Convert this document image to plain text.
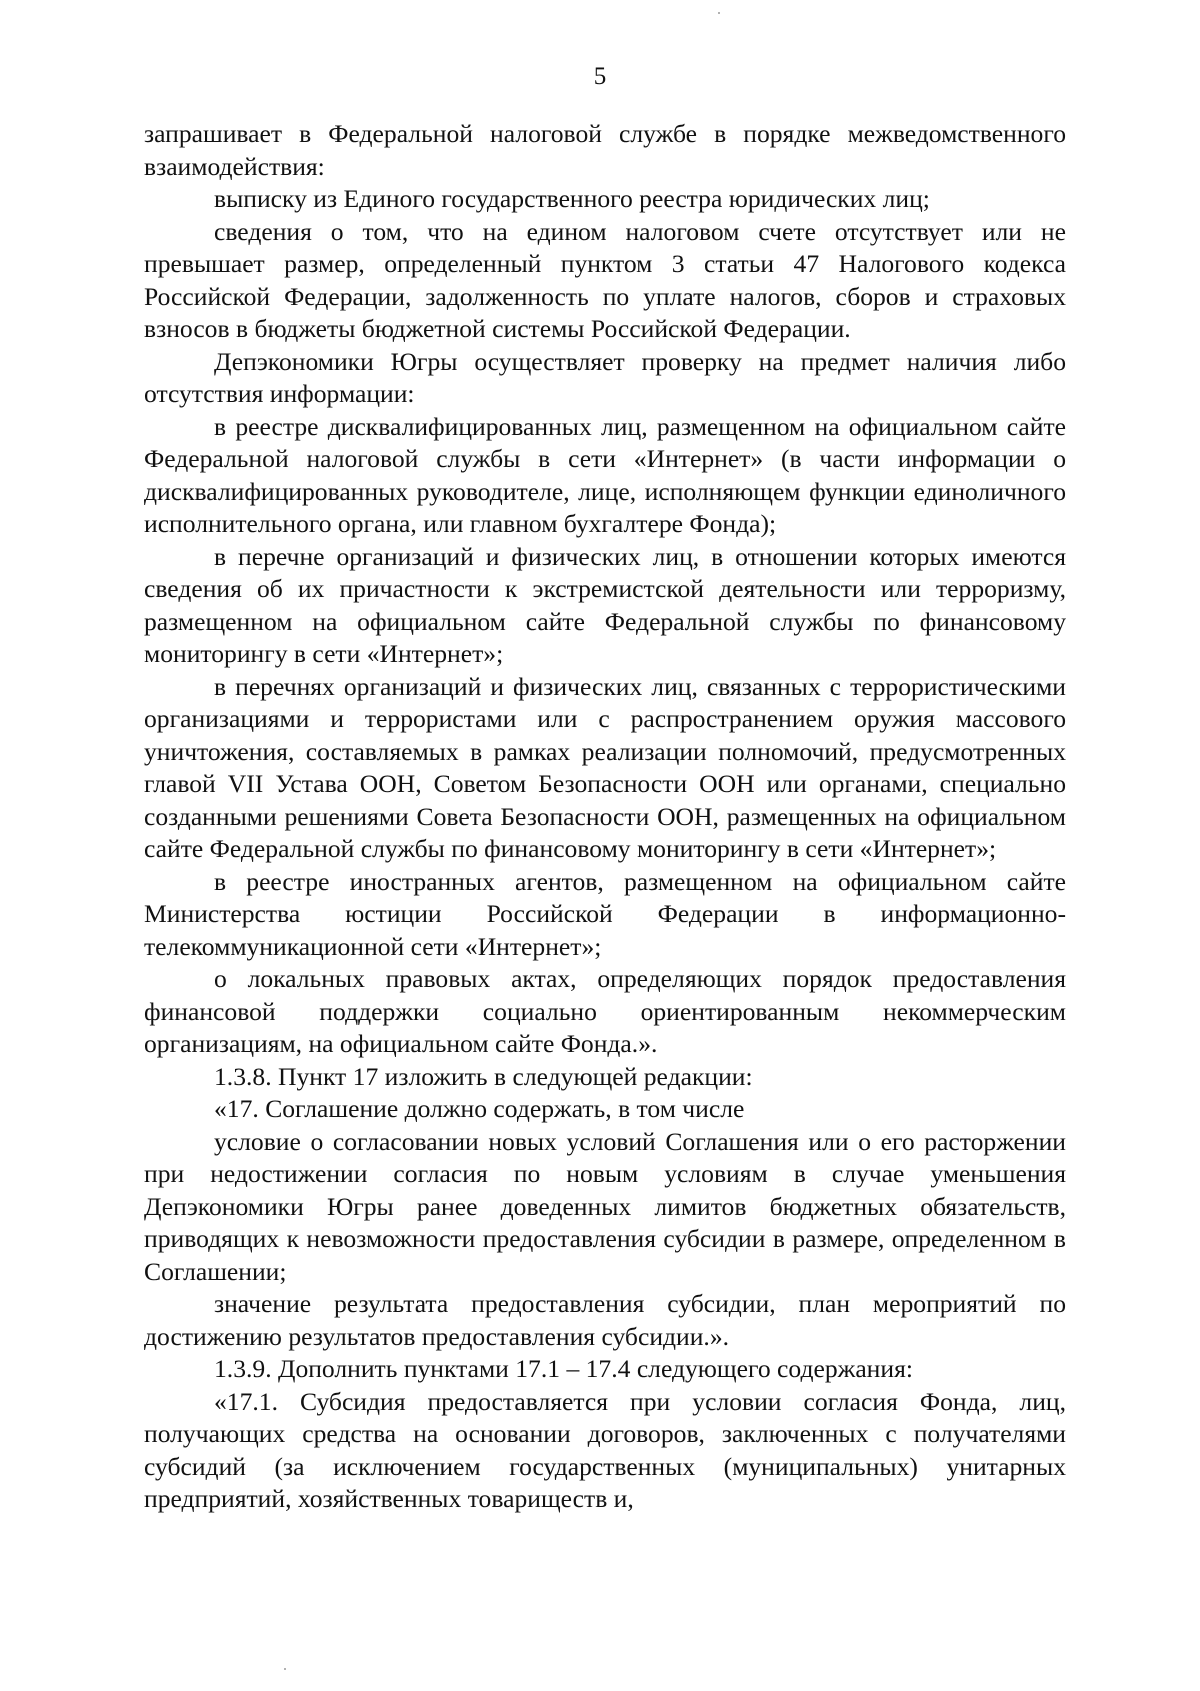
5

запрашивает в Федеральной налоговой службе в порядке межведомственного взаимодействия:

выписку из Единого государственного реестра юридических лиц;

сведения о том, что на едином налоговом счете отсутствует или не превышает размер, определенный пунктом 3 статьи 47 Налогового кодекса Российской Федерации, задолженность по уплате налогов, сборов и страховых взносов в бюджеты бюджетной системы Российской Федерации.

Депэкономики Югры осуществляет проверку на предмет наличия либо отсутствия информации:

в реестре дисквалифицированных лиц, размещенном на официальном сайте Федеральной налоговой службы в сети «Интернет» (в части информации о дисквалифицированных руководителе, лице, исполняющем функции единоличного исполнительного органа, или главном бухгалтере Фонда);

в перечне организаций и физических лиц, в отношении которых имеются сведения об их причастности к экстремистской деятельности или терроризму, размещенном на официальном сайте Федеральной службы по финансовому мониторингу в сети «Интернет»;

в перечнях организаций и физических лиц, связанных с террористическими организациями и террористами или с распространением оружия массового уничтожения, составляемых в рамках реализации полномочий, предусмотренных главой VII Устава ООН, Советом Безопасности ООН или органами, специально созданными решениями Совета Безопасности ООН, размещенных на официальном сайте Федеральной службы по финансовому мониторингу в сети «Интернет»;

в реестре иностранных агентов, размещенном на официальном сайте Министерства юстиции Российской Федерации в информационно-телекоммуникационной сети «Интернет»;

о локальных правовых актах, определяющих порядок предоставления финансовой поддержки социально ориентированным некоммерческим организациям, на официальном сайте Фонда.».

1.3.8. Пункт 17 изложить в следующей редакции:

«17. Соглашение должно содержать, в том числе

условие о согласовании новых условий Соглашения или о его расторжении при недостижении согласия по новым условиям в случае уменьшения Депэкономики Югры ранее доведенных лимитов бюджетных обязательств, приводящих к невозможности предоставления субсидии в размере, определенном в Соглашении;

значение результата предоставления субсидии, план мероприятий по достижению результатов предоставления субсидии.».

1.3.9. Дополнить пунктами 17.1 – 17.4 следующего содержания:

«17.1. Субсидия предоставляется при условии согласия Фонда, лиц, получающих средства на основании договоров, заключенных с получателями субсидий (за исключением государственных (муниципальных) унитарных предприятий, хозяйственных товариществ и,
